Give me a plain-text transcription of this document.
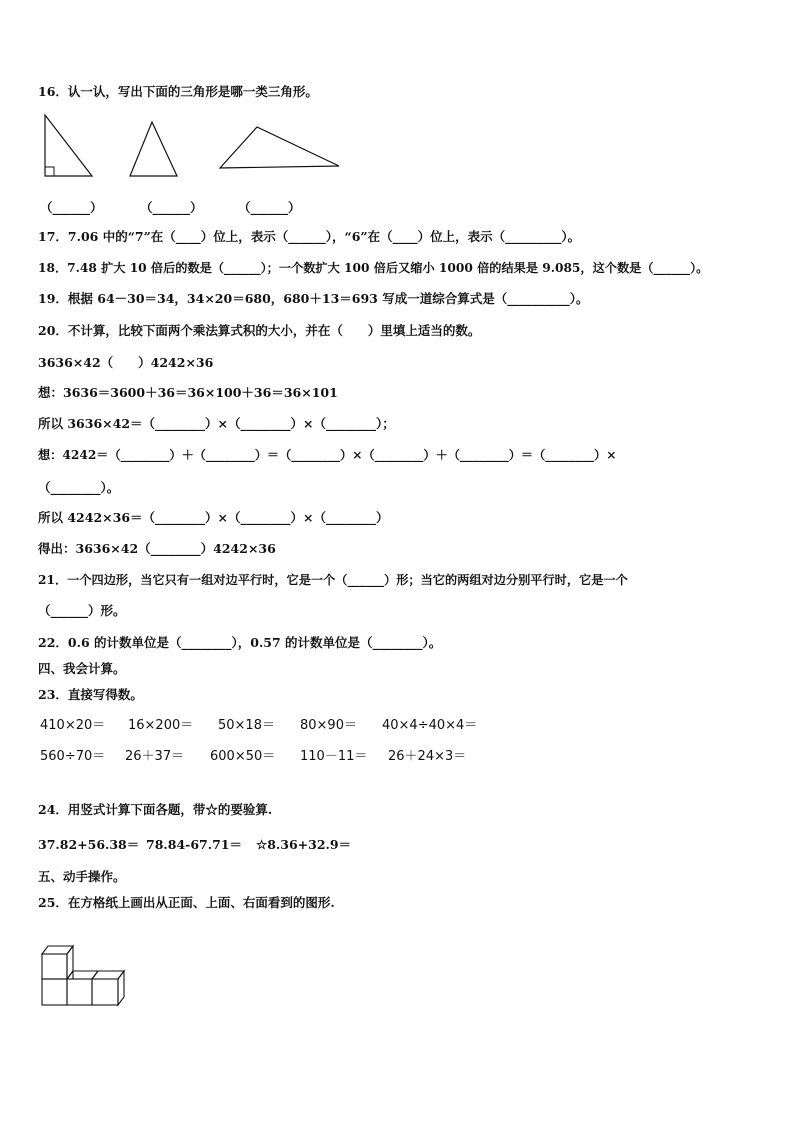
16．认一认，写出下面的三角形是哪一类三角形。
（______）	（______）	（______）
17．7.06 中的“7”在（____）位上，表示（______），“6”在（____）位上，表示（_________）。
18．7.48 扩大 10 倍后的数是（______）；一个数扩大 100 倍后又缩小 1000 倍的结果是 9.085，这个数是（______）。
19．根据 64－30＝34，34×20＝680，680＋13＝693 写成一道综合算式是（__________）。
20．不计算，比较下面两个乘法算式积的大小，并在（　　）里填上适当的数。
3636×42（　　）4242×36
想：3636＝3600＋36＝36×100＋36＝36×101
所以 3636×42＝（________）×（________）×（________）；
想：4242＝（________）＋（________）＝（________）×（________）＋（________）＝（________）×
（________）。
所以 4242×36＝（________）×（________）×（________）
得出：3636×42（________）4242×36
21．一个四边形，当它只有一组对边平行时，它是一个（______）形；当它的两组对边分别平行时，它是一个
（______）形。
22．0.6 的计数单位是（________），0.57 的计数单位是（________）。
四、我会计算。
23．直接写得数。
410×20＝ 16×200＝ 50×18＝ 80×90＝ 40×4÷40×4＝
560÷70＝ 26＋37＝ 600×50＝ 110－11＝ 26＋24×3＝
24．用竖式计算下面各题，带☆的要验算.
37.82+56.38＝ 78.84-67.71＝ ☆8.36+32.9＝
五、动手操作。
25．在方格纸上画出从正面、上面、右面看到的图形.
